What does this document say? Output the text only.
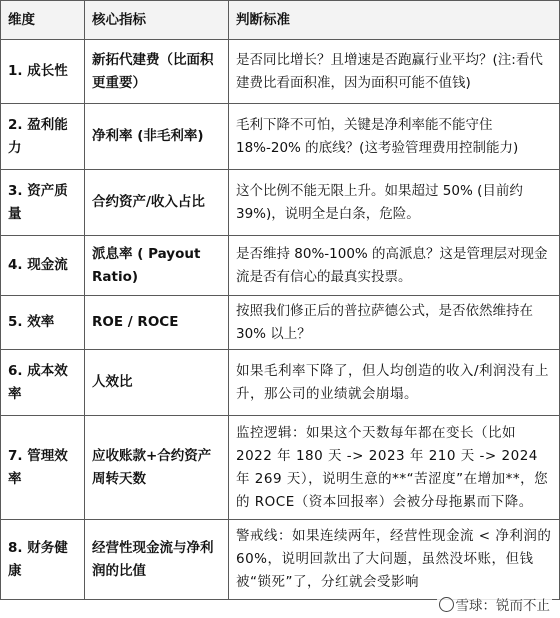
维度	核心指标	判断标准
1. 成长性	新拓代建费（比面积更重要）	是否同比增长？且增速是否跑赢行业平均？(注:看代建费比看面积准，因为面积可能不值钱)
2. 盈利能力	净利率 (非毛利率)	毛利下降不可怕，关键是净利率能不能守住 18%-20% 的底线？(这考验管理费用控制能力)
3. 资产质量	合约资产/收入占比	这个比例不能无限上升。如果超过 50% (目前约 39%)，说明全是白条，危险。
4. 现金流	派息率 ( Payout Ratio)	是否维持 80%-100% 的高派息？这是管理层对现金流是否有信心的最真实投票。
5. 效率	ROE / ROCE	按照我们修正后的普拉萨德公式，是否依然维持在 30% 以上？
6. 成本效率	人效比	如果毛利率下降了，但人均创造的收入/利润没有上升，那公司的业绩就会崩塌。
7. 管理效率	应收账款+合约资产周转天数	监控逻辑：如果这个天数每年都在变长（比如 2022 年 180 天 -> 2023 年 210 天 -> 2024 年 269 天），说明生意的**“苦涩度”在增加**，您的 ROCE（资本回报率）会被分母拖累而下降。
8. 财务健康	经营性现金流与净利润的比值	警戒线：如果连续两年，经营性现金流 < 净利润的 60%，说明回款出了大问题，虽然没坏账，但钱被“锁死”了，分红就会受影响
雪球：锐而不止
